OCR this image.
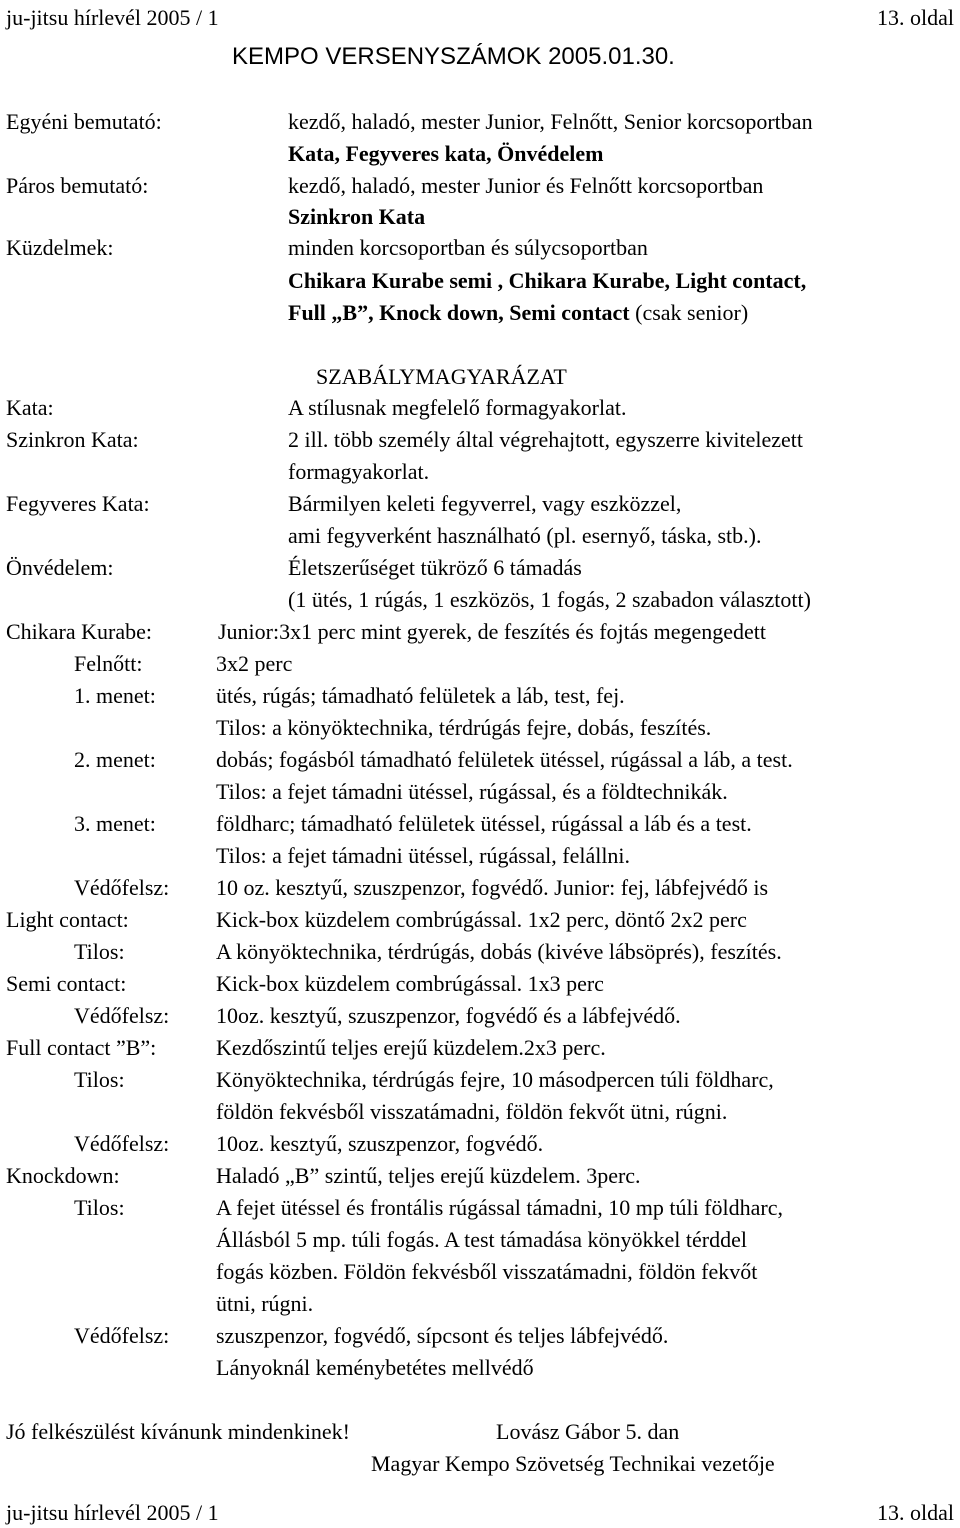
ju-jitsu hírlevél 2005 / 1	13. oldal
KEMPO VERSENYSZÁMOK 2005.01.30.
Egyéni bemutató:	kezdő, haladó, mester Junior, Felnőtt, Senior korcsoportban
Kata, Fegyveres kata, Önvédelem
Páros bemutató:	kezdő, haladó, mester Junior és Felnőtt korcsoportban
Szinkron Kata
Küzdelmek:	minden korcsoportban és súlycsoportban
Chikara Kurabe semi , Chikara Kurabe, Light contact,
Full „B”, Knock down, Semi contact (csak senior)
SZABÁLYMAGYARÁZAT
Kata:	A stílusnak megfelelő formagyakorlat.
Szinkron Kata:	2 ill. több személy által végrehajtott, egyszerre kivitelezett
formagyakorlat.
Fegyveres Kata:	Bármilyen keleti fegyverrel, vagy eszközzel,
ami fegyverként használható (pl. esernyő, táska, stb.).
Önvédelem:	Életszerűséget tükröző 6 támadás
(1 ütés, 1 rúgás, 1 eszközös, 1 fogás, 2 szabadon választott)
Chikara Kurabe:	Junior:3x1 perc mint gyerek, de feszítés és fojtás megengedett
Felnőtt:	3x2 perc
1. menet:	ütés, rúgás; támadható felületek a láb, test, fej.
Tilos: a könyöktechnika, térdrúgás fejre, dobás, feszítés.
2. menet:	dobás; fogásból támadható felületek ütéssel, rúgással a láb, a test.
Tilos: a fejet támadni ütéssel, rúgással, és a földtechnikák.
3. menet:	földharc; támadható felületek ütéssel, rúgással a láb és a test.
Tilos: a fejet támadni ütéssel, rúgással, felállni.
Védőfelsz: 10 oz. kesztyű, szuszpenzor, fogvédő. Junior: fej, lábfejvédő is
Light contact:	Kick-box küzdelem combrúgással. 1x2 perc, döntő 2x2 perc
Tilos:	A könyöktechnika, térdrúgás, dobás (kivéve lábsöprés), feszítés.
Semi contact:	Kick-box küzdelem combrúgással. 1x3 perc
Védőfelsz: 10oz. kesztyű, szuszpenzor, fogvédő és a lábfejvédő.
Full contact ”B”:	Kezdőszintű teljes erejű küzdelem.2x3 perc.
Tilos:	Könyöktechnika, térdrúgás fejre, 10 másodpercen túli földharc,
földön fekvésből visszatámadni, földön fekvőt ütni, rúgni.
Védőfelsz: 10oz. kesztyű, szuszpenzor, fogvédő.
Knockdown:	Haladó „B” szintű, teljes erejű küzdelem. 3perc.
Tilos:	A fejet ütéssel és frontális rúgással támadni, 10 mp túli földharc,
Állásból 5 mp. túli fogás. A test támadása könyökkel térddel
fogás közben. Földön fekvésből visszatámadni, földön fekvőt
ütni, rúgni.
Védőfelsz: szuszpenzor, fogvédő, sípcsont és teljes lábfejvédő.
Lányoknál keménybetétes mellvédő
Jó felkészülést kívánunk mindenkinek!	Lovász Gábor 5. dan
Magyar Kempo Szövetség Technikai vezetője
ju-jitsu hírlevél 2005 / 1	13. oldal
